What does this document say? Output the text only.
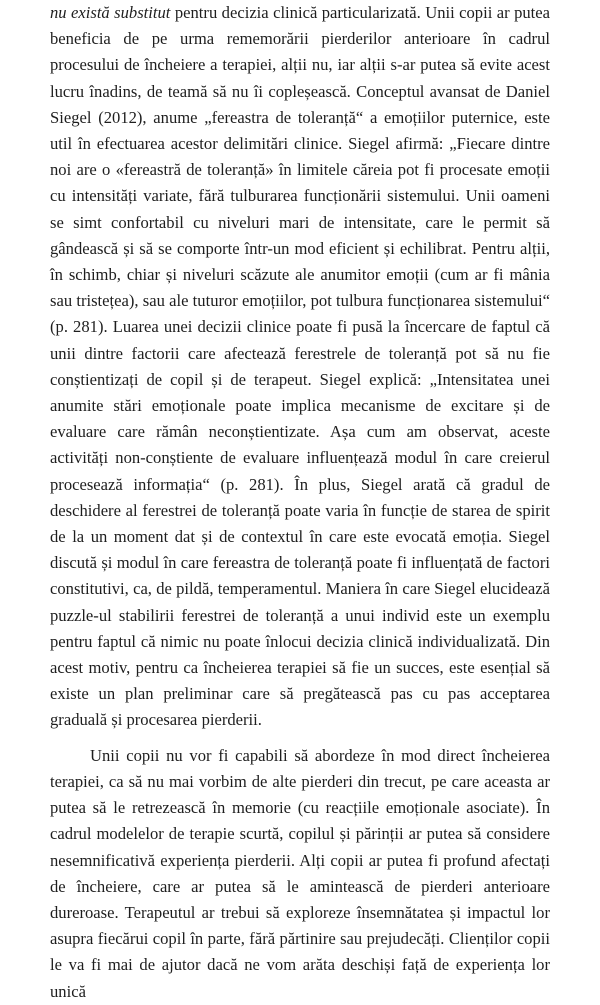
nu există substitut pentru decizia clinică particularizată. Unii copii ar putea beneficia de pe urma rememorării pierderilor anterioare în cadrul procesului de încheiere a terapiei, alții nu, iar alții s-ar putea să evite acest lucru înadins, de teamă să nu îi copleșească. Conceptul avansat de Daniel Siegel (2012), anume „fereastra de toleranță“ a emoțiilor puternice, este util în efectuarea acestor delimitări clinice. Siegel afirmă: „Fiecare dintre noi are o «fereastră de toleranță» în limitele căreia pot fi procesate emoții cu intensități variate, fără tulburarea funcționării sistemului. Unii oameni se simt confortabil cu niveluri mari de intensitate, care le permit să gândească și să se comporte într-un mod eficient și echilibrat. Pentru alții, în schimb, chiar și niveluri scăzute ale anumitor emoții (cum ar fi mânia sau tristețea), sau ale tuturor emoțiilor, pot tulbura funcționarea sistemului“ (p. 281). Luarea unei decizii clinice poate fi pusă la încercare de faptul că unii dintre factorii care afectează ferestrele de toleranță pot să nu fie conștientizați de copil și de terapeut. Siegel explică: „Intensitatea unei anumite stări emoționale poate implica mecanisme de excitare și de evaluare care rămân neconștientizate. Așa cum am observat, aceste activități non-conștiente de evaluare influențează modul în care creierul procesează informația“ (p. 281). În plus, Siegel arată că gradul de deschidere al ferestrei de toleranță poate varia în funcție de starea de spirit de la un moment dat și de contextul în care este evocată emoția. Siegel discută și modul în care fereastra de toleranță poate fi influențată de factori constitutivi, ca, de pildă, temperamentul. Maniera în care Siegel elucidează puzzle-ul stabilirii ferestrei de toleranță a unui individ este un exemplu pentru faptul că nimic nu poate înlocui decizia clinică individualizată. Din acest motiv, pentru ca încheierea terapiei să fie un succes, este esențial să existe un plan preliminar care să pregătească pas cu pas acceptarea graduală și procesarea pierderii.

Unii copii nu vor fi capabili să abordeze în mod direct încheierea terapiei, ca să nu mai vorbim de alte pierderi din trecut, pe care aceasta ar putea să le retrezească în memorie (cu reacțiile emoționale asociate). În cadrul modelelor de terapie scurtă, copilul și părinții ar putea să considere nesemnificativă experiența pierderii. Alți copii ar putea fi profund afectați de încheiere, care ar putea să le amintească de pierderi anterioare dureroase. Terapeutul ar trebui să exploreze însemnătatea și impactul lor asupra fiecărui copil în parte, fără părtinire sau prejudecăți. Clienților copii le va fi mai de ajutor dacă ne vom arăta deschiși față de experiența lor unică
